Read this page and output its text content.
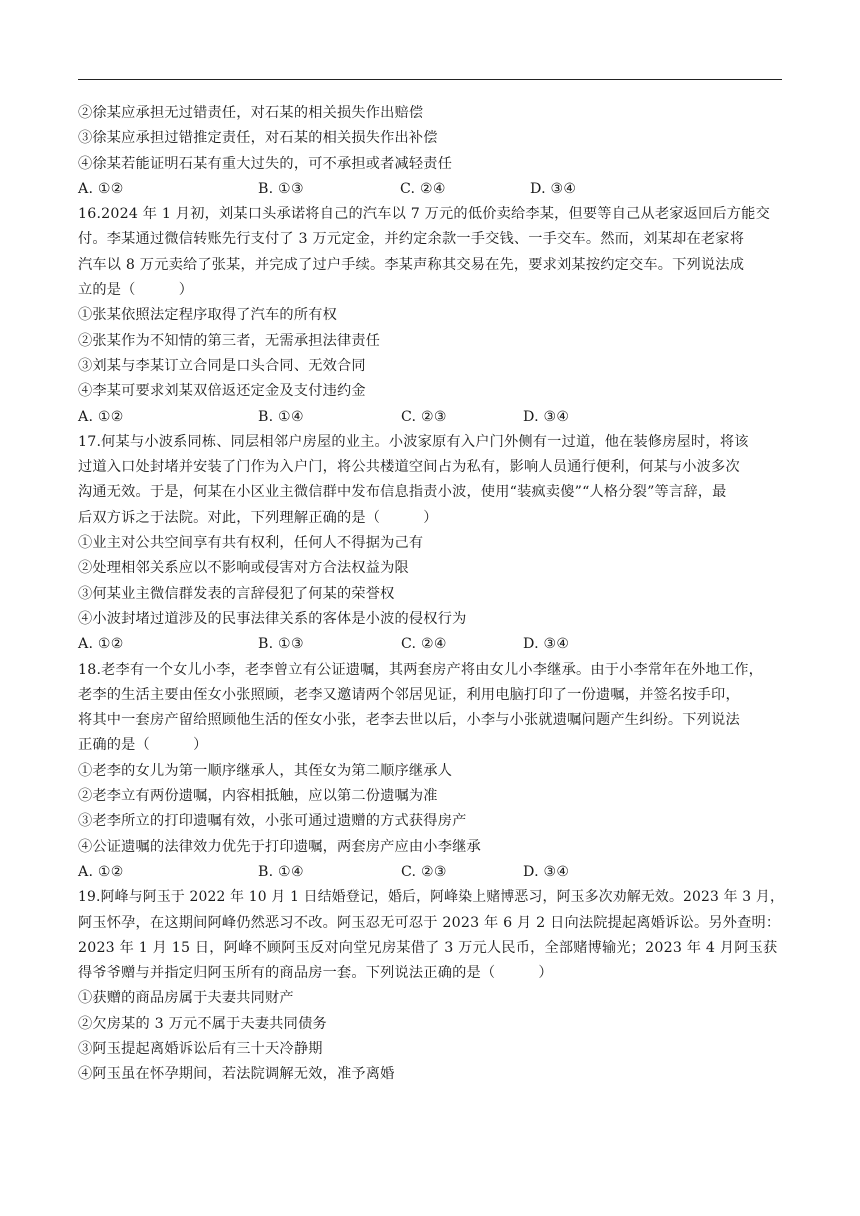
②徐某应承担无过错责任，对石某的相关损失作出赔偿
③徐某应承担过错推定责任，对石某的相关损失作出补偿
④徐某若能证明石某有重大过失的，可不承担或者减轻责任
A. ①②	B. ①③	C. ②④	D. ③④
16.2024 年 1 月初，刘某口头承诺将自己的汽车以 7 万元的低价卖给李某，但要等自己从老家返回后方能交
付。李某通过微信转账先行支付了 3 万元定金，并约定余款一手交钱、一手交车。然而，刘某却在老家将
汽车以 8 万元卖给了张某，并完成了过户手续。李某声称其交易在先，要求刘某按约定交车。下列说法成
立的是（　　　）
①张某依照法定程序取得了汽车的所有权
②张某作为不知情的第三者，无需承担法律责任
③刘某与李某订立合同是口头合同、无效合同
④李某可要求刘某双倍返还定金及支付违约金
A. ①②	B. ①④	C. ②③	D. ③④
17.何某与小波系同栋、同层相邻户房屋的业主。小波家原有入户门外侧有一过道，他在装修房屋时，将该
过道入口处封堵并安装了门作为入户门，将公共楼道空间占为私有，影响人员通行便利，何某与小波多次
沟通无效。于是，何某在小区业主微信群中发布信息指责小波，使用“装疯卖傻”“人格分裂”等言辞，最
后双方诉之于法院。对此，下列理解正确的是（　　　）
①业主对公共空间享有共有权利，任何人不得据为己有
②处理相邻关系应以不影响或侵害对方合法权益为限
③何某业主微信群发表的言辞侵犯了何某的荣誉权
④小波封堵过道涉及的民事法律关系的客体是小波的侵权行为
A. ①②	B. ①③	C. ②④	D. ③④
18.老李有一个女儿小李，老李曾立有公证遗嘱，其两套房产将由女儿小李继承。由于小李常年在外地工作，
老李的生活主要由侄女小张照顾，老李又邀请两个邻居见证，利用电脑打印了一份遗嘱，并签名按手印，
将其中一套房产留给照顾他生活的侄女小张，老李去世以后，小李与小张就遗嘱问题产生纠纷。下列说法
正确的是（　　　）
①老李的女儿为第一顺序继承人，其侄女为第二顺序继承人
②老李立有两份遗嘱，内容相抵触，应以第二份遗嘱为准
③老李所立的打印遗嘱有效，小张可通过遗赠的方式获得房产
④公证遗嘱的法律效力优先于打印遗嘱，两套房产应由小李继承
A. ①②	B. ①④	C. ②③	D. ③④
19.阿峰与阿玉于 2022 年 10 月 1 日结婚登记，婚后，阿峰染上赌博恶习，阿玉多次劝解无效。2023 年 3 月，
阿玉怀孕，在这期间阿峰仍然恶习不改。阿玉忍无可忍于 2023 年 6 月 2 日向法院提起离婚诉讼。另外查明：
2023 年 1 月 15 日，阿峰不顾阿玉反对向堂兄房某借了 3 万元人民币，全部赌博输光；2023 年 4 月阿玉获
得爷爷赠与并指定归阿玉所有的商品房一套。下列说法正确的是（　　　）
①获赠的商品房属于夫妻共同财产
②欠房某的 3 万元不属于夫妻共同债务
③阿玉提起离婚诉讼后有三十天冷静期
④阿玉虽在怀孕期间，若法院调解无效，准予离婚
